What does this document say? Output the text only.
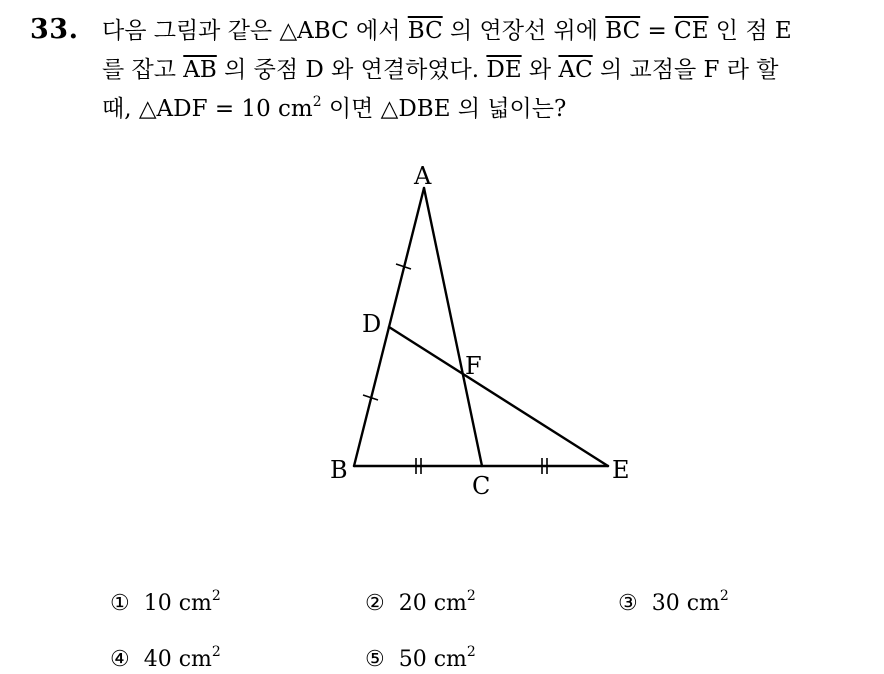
33. 다음 그림과 같은 △ABC 에서 $\overline{BC}$ 의 연장선 위에 $\overline{BC} = \overline{CE}$ 인 점 E
를 잡고 $\overline{AB}$ 의 중점 D 와 연결하였다. $\overline{DE}$ 와 $\overline{AC}$ 의 교점을 F 라 할
때, △ADF = 10 $cm^2$ 이면 △DBE 의 넓이는?
A
D
F
B
C
E
① 10 $cm^2$	② 20 $cm^2$	③ 30 $cm^2$
④ 40 $cm^2$	⑤ 50 $cm^2$
